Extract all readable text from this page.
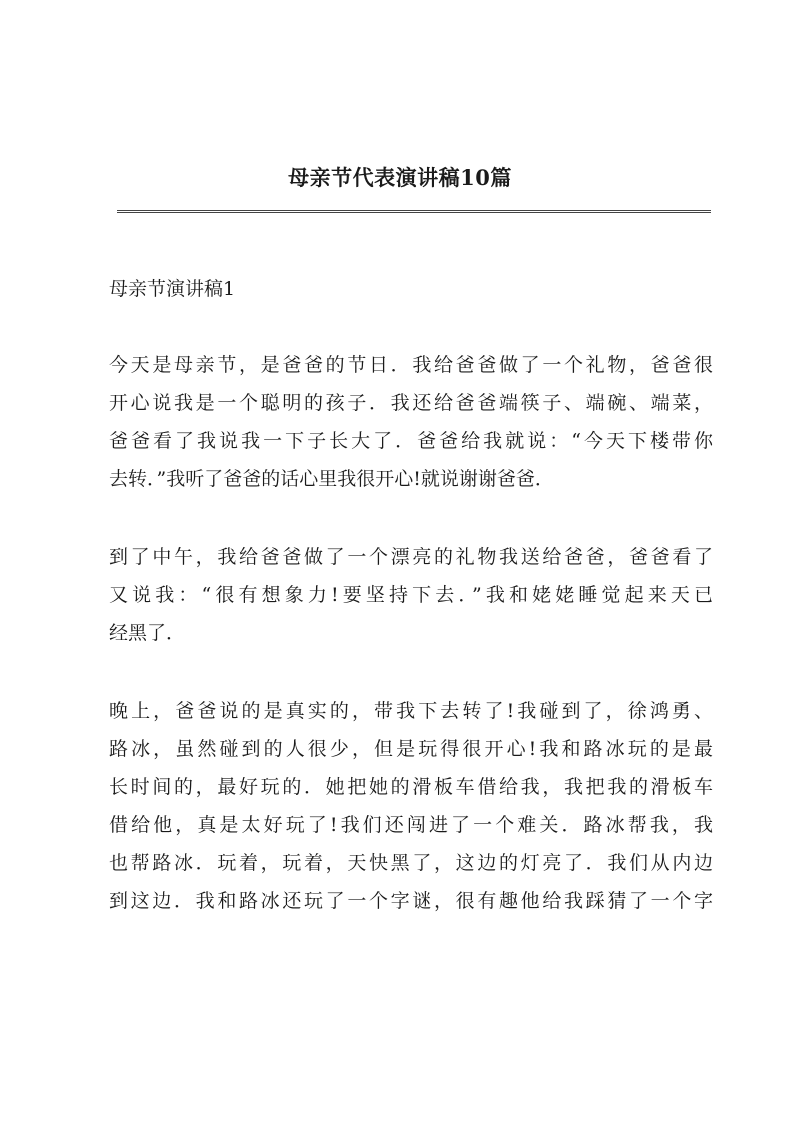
母亲节代表演讲稿10篇
母亲节演讲稿1
今天是母亲节，是爸爸的节日．我给爸爸做了一个礼物，爸爸很
开心说我是一个聪明的孩子．我还给爸爸端筷子、端碗、端菜，
爸爸看了我说我一下子长大了．爸爸给我就说：“今天下楼带你
去转．”我听了爸爸的话心里我很开心!就说谢谢爸爸．
到了中午，我给爸爸做了一个漂亮的礼物我送给爸爸，爸爸看了
又说我：“很有想象力!要坚持下去．”我和姥姥睡觉起来天已
经黑了．
晚上，爸爸说的是真实的，带我下去转了!我碰到了，徐鸿勇、
路冰，虽然碰到的人很少，但是玩得很开心!我和路冰玩的是最
长时间的，最好玩的．她把她的滑板车借给我，我把我的滑板车
借给他，真是太好玩了!我们还闯进了一个难关．路冰帮我，我
也帮路冰．玩着，玩着，天快黑了，这边的灯亮了．我们从内边
到这边．我和路冰还玩了一个字谜，很有趣他给我踩猜了一个字
